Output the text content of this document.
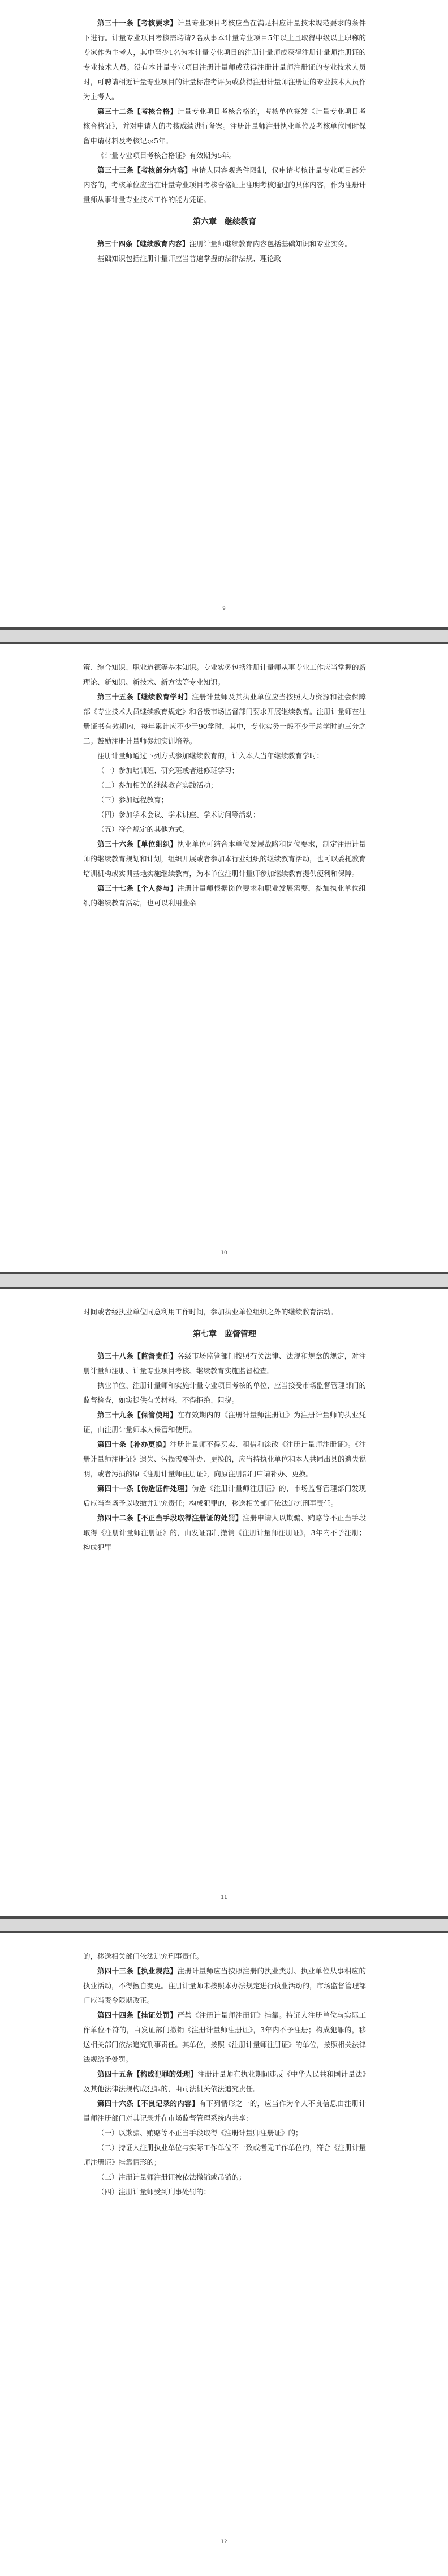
第三十一条【考核要求】计量专业项目考核应当在满足相应计量技术规范要求的条件下进行。计量专业项目考核需聘请2名从事本计量专业项目5年以上且取得中级以上职称的专家作为主考人，其中至少1名为本计量专业项目的注册计量师或获得注册计量师注册证的专业技术人员。没有本计量专业项目注册计量师或获得注册计量师注册证的专业技术人员时，可聘请相近计量专业项目的计量标准考评员或获得注册计量师注册证的专业技术人员作为主考人。

第三十二条【考核合格】计量专业项目考核合格的，考核单位签发《计量专业项目考核合格证》，并对申请人的考核成绩进行备案。注册计量师注册执业单位及考核单位同时保留申请材料及考核记录5年。

《计量专业项目考核合格证》有效期为5年。

第三十三条【考核部分内容】申请人因客观条件限制，仅申请考核计量专业项目部分内容的，考核单位应当在计量专业项目考核合格证上注明考核通过的具体内容，作为注册计量师从事计量专业技术工作的能力凭证。

第六章　继续教育

第三十四条【继续教育内容】注册计量师继续教育内容包括基础知识和专业实务。

基础知识包括注册计量师应当普遍掌握的法律法规、理论政

9

策、综合知识、职业道德等基本知识。专业实务包括注册计量师从事专业工作应当掌握的新理论、新知识、新技术、新方法等专业知识。

第三十五条【继续教育学时】注册计量师及其执业单位应当按照人力资源和社会保障部《专业技术人员继续教育规定》和各级市场监督部门要求开展继续教育。注册计量师在注册证书有效期内，每年累计应不少于90学时，其中，专业实务一般不少于总学时的三分之二。鼓励注册计量师参加实训培养。

注册计量师通过下列方式参加继续教育的，计入本人当年继续教育学时：

（一）参加培训班、研究班或者进修班学习；

（二）参加相关的继续教育实践活动；

（三）参加远程教育；

（四）参加学术会议、学术讲座、学术访问等活动；

（五）符合规定的其他方式。

第三十六条【单位组织】执业单位可结合本单位发展战略和岗位要求，制定注册计量师的继续教育规划和计划，组织开展或者参加本行业组织的继续教育活动，也可以委托教育培训机构或实训基地实施继续教育，为本单位注册计量师参加继续教育提供便利和保障。

第三十七条【个人参与】注册计量师根据岗位要求和职业发展需要，参加执业单位组织的继续教育活动，也可以利用业余

10

时间或者经执业单位同意利用工作时间，参加执业单位组织之外的继续教育活动。

第七章　监督管理

第三十八条【监督责任】各级市场监管部门按照有关法律、法规和规章的规定，对注册计量师注册、计量专业项目考核、继续教育实施监督检查。

执业单位、注册计量师和实施计量专业项目考核的单位，应当接受市场监督管理部门的监督检查，如实提供有关材料，不得拒绝、阻挠。

第三十九条【保管使用】在有效期内的《注册计量师注册证》为注册计量师的执业凭证，由注册计量师本人保管和使用。

第四十条【补办更换】注册计量师不得买卖、租借和涂改《注册计量师注册证》。《注册计量师注册证》遗失、污损需要补办、更换的，应当持执业单位和本人共同出具的遗失说明，或者污损的原《注册计量师注册证》，向原注册部门申请补办、更换。

第四十一条【伪造证件处理】伪造《注册计量师注册证》的，市场监督管理部门发现后应当当场予以收缴并追究责任；构成犯罪的，移送相关部门依法追究刑事责任。

第四十二条【不正当手段取得注册证的处罚】注册申请人以欺骗、贿赂等不正当手段取得《注册计量师注册证》的，由发证部门撤销《注册计量师注册证》，3年内不予注册；构成犯罪

11

的，移送相关部门依法追究刑事责任。

第四十三条【执业规范】注册计量师应当按照注册的执业类别、执业单位从事相应的执业活动，不得擅自变更。注册计量师未按照本办法规定进行执业活动的，市场监督管理部门应当责令限期改正。

第四十四条【挂证处罚】严禁《注册计量师注册证》挂靠。持证人注册单位与实际工作单位不符的，由发证部门撤销《注册计量师注册证》，3年内不予注册；构成犯罪的，移送相关部门依法追究刑事责任。其单位，按照《注册计量师注册证》的单位，按照相关法律法规给予处罚。

第四十五条【构成犯罪的处理】注册计量师在执业期间违反《中华人民共和国计量法》及其他法律法规构成犯罪的，由司法机关依法追究责任。

第四十六条【不良记录的内容】有下列情形之一的，应当作为个人不良信息由注册计量师注册部门对其记录并在市场监督管理系统内共享：

（一）以欺骗、贿赂等不正当手段取得《注册计量师注册证》的；

（二）持证人注册执业单位与实际工作单位不一致或者无工作单位的，符合《注册计量师注册证》挂靠情形的；

（三）注册计量师注册证被依法撤销或吊销的；

（四）注册计量师受到刑事处罚的；

12
